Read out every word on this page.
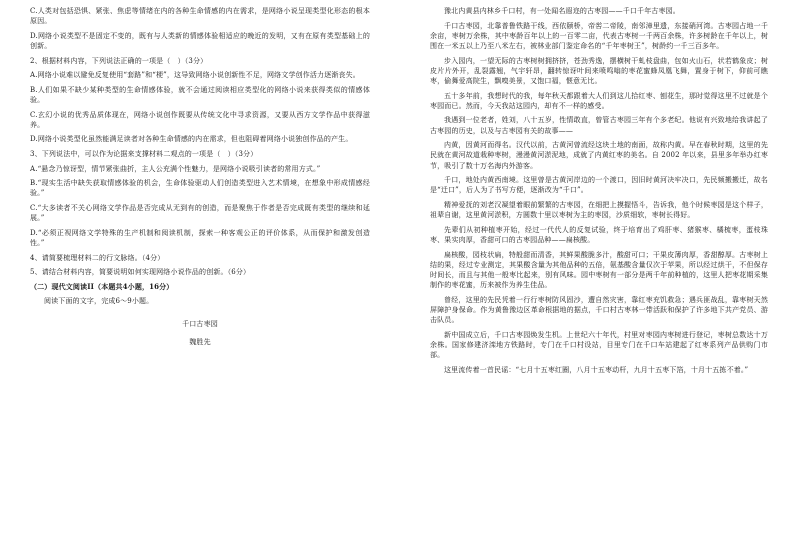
C.人类对包括恐惧、紧张、焦虑等情绪在内的各种生命情感的内在需求，是网络小说呈现类型化形态的根本原因。

D.网络小说类型不是固定不变的，既有与人类新的情感体验相适应的晚近的发明，又有在原有类型基础上的创新。

2、根据材料内容，下列说法正确的一项是（　）（3分）

A.网络小说难以避免反复使用“套路”和“梗”，这导致网络小说创新性不足，网络文学创作活力逐渐丧失。

B.人们如果不缺少某种类型的生命情感体验，就不会通过阅读相应类型化的网络小说来获得类似的情感体验。

C.玄幻小说的优秀品质体现在，网络小说创作既要从传统文化中寻求资源，又要从西方文学作品中获得滋养。

D.网络小说类型化虽然能满足读者对各种生命情感的内在需求，但也阻碍着网络小说独创作品的产生。

3、下列说法中，可以作为论据来支撑材料二观点的一项是（　）（3分）

A.“悬念乃惊讶型，情节紧张曲折，主人公充满个性魅力，是网络小说吸引读者的常用方式。”

B.“现实生活中缺失获取情感体验的机会，生命体验驱动人们创造类型进入艺术情境，在想象中形成情感经验。”

C.“大多读者不关心网络文学作品是否完成从无到有的创造，而是聚焦于作者是否完成既有类型的继续和延展。”

D.“必须正视网络文学特殊的生产机制和阅读机制，探索一种客观公正的评价体系，从而保护和激发创造性。”

4、请简要梳理材料二的行文脉络。（4分）

5、请结合材料内容，简要说明如何实现网络小说作品的创新。（6分）

（二）现代文阅读II（本题共4小题，16分）

阅读下面的文字，完成6～9小题。

千口古枣园

魏胜先

豫北内黄县内林乡千口村，有一处闻名遐迩的古枣园——千口千年古枣园。

千口古枣园，北靠普鲁铁路干线，西依颐桥，帝喾二帝陵，南邻漳里遗，东接硝河湾。古枣园占地一千余亩，枣树万余株，其中枣龄百年以上的一百零二亩，代表古枣树一千两百余株，许多树龄在千年以上，树围在一米五以上乃至八米左右，被林业部门鉴定命名的“千年枣树王”，树龄约一千三百多年。

步入园内，一望无际的古枣树树拥挤挤，苍劲秀逸，摆横树干虬枝盘曲，包如火山石，状若鹤象皮；树皮片片外开，乱裂露翘，气宇轩昂，翻转惊讶叶间来喷鸣嗡的枣花蜜蜂凤凰飞舞，置身于树下，仰前可瞧枣，偷舞爱高院生，飘嗅美景，又饱口福，惬意无比。

五十多年前，我想时代的我，每年秋天都跟着大人们到这儿拾红枣、刨花生，那时觉得这里不过就是个枣园而已。然而，今天我站这园内，却有不一样的感受。

我遇到一位老者，姓刘，八十五岁，性情敢直，曾管古枣园三年有个多老纪。他说有兴致地给我讲起了古枣园的历史，以及与古枣园有关的故事——

内黄，因黄河而得名。汉代以前，古黄河曾流经这块土地的南面，故称内黄。早在春秋时期，这里的先民就在黄河故道栽种枣树，漫漫黄河淤泥地，成就了内黄红枣的美名。自 2002 年以来，县里多年举办红枣节，吸引了数十万名海内外游客。

千口，地处内黄西南境。这里曾是古黄河岸边的一个渡口，因旧时黄河决牢决口，先民频搬搬迁，故名是“迁口”，后人为了书写方便，逐渐改为“千口”。

精神爱抚的刘老汉凝望着眼前繁繁的古枣园，在细把上摸握悟斗，告诉我，他个时候枣园是这个样子，祖辈自谢，这里黄河淤积，方圆数十里以枣树为主的枣园，沙质细软，枣树长得好。

先辈们从初种植枣开始，经过一代代人的反复试验，终于培育出了鸡肝枣、猪猴枣、橘梳枣，蛋枝珠枣、果实肉厚，香甜可口的古枣园品种——扁核酸。

扁核酸，园枝状扁，特般甜而清香，其鲜果酸脆多汁，酸甜可口；干果皮薄肉厚，香甜醇厚。古枣树上结的果，经过专业测定，其果酸含量为其他品种的五倍，氨基酸含量仅次于苹果，所以经过烘干，不但保存时间长，而且与其他一般枣比起来，别有风味。园中枣树有一部分是两千年前种植的，这里人把枣花期采集制作的枣花蜜，历来被作为养生佳品。

曾经，这里的先民凭着一行行枣树防风固沙，遭自然灾害，靠红枣充饥救急；遇兵匪战乱，靠枣树天然屏障护身保命。作为黄鲁豫边区革命根据地的据点，千口村古枣林一带活跃和保护了许多地下共产党员、游击队员。

新中国成立后，千口古枣园焕发生机。上世纪六十年代，村里对枣园内枣树进行登记，枣树总数达十万余株。国家修建济滦地方铁路时，专门在千口村设站，目里专门在千口车站建起了红枣系列产品供购门市部。

这里流传着一首民谣：“七月十五枣红圈，八月十五枣动杆，九月十五枣下箔，十月十五拣不着。”
